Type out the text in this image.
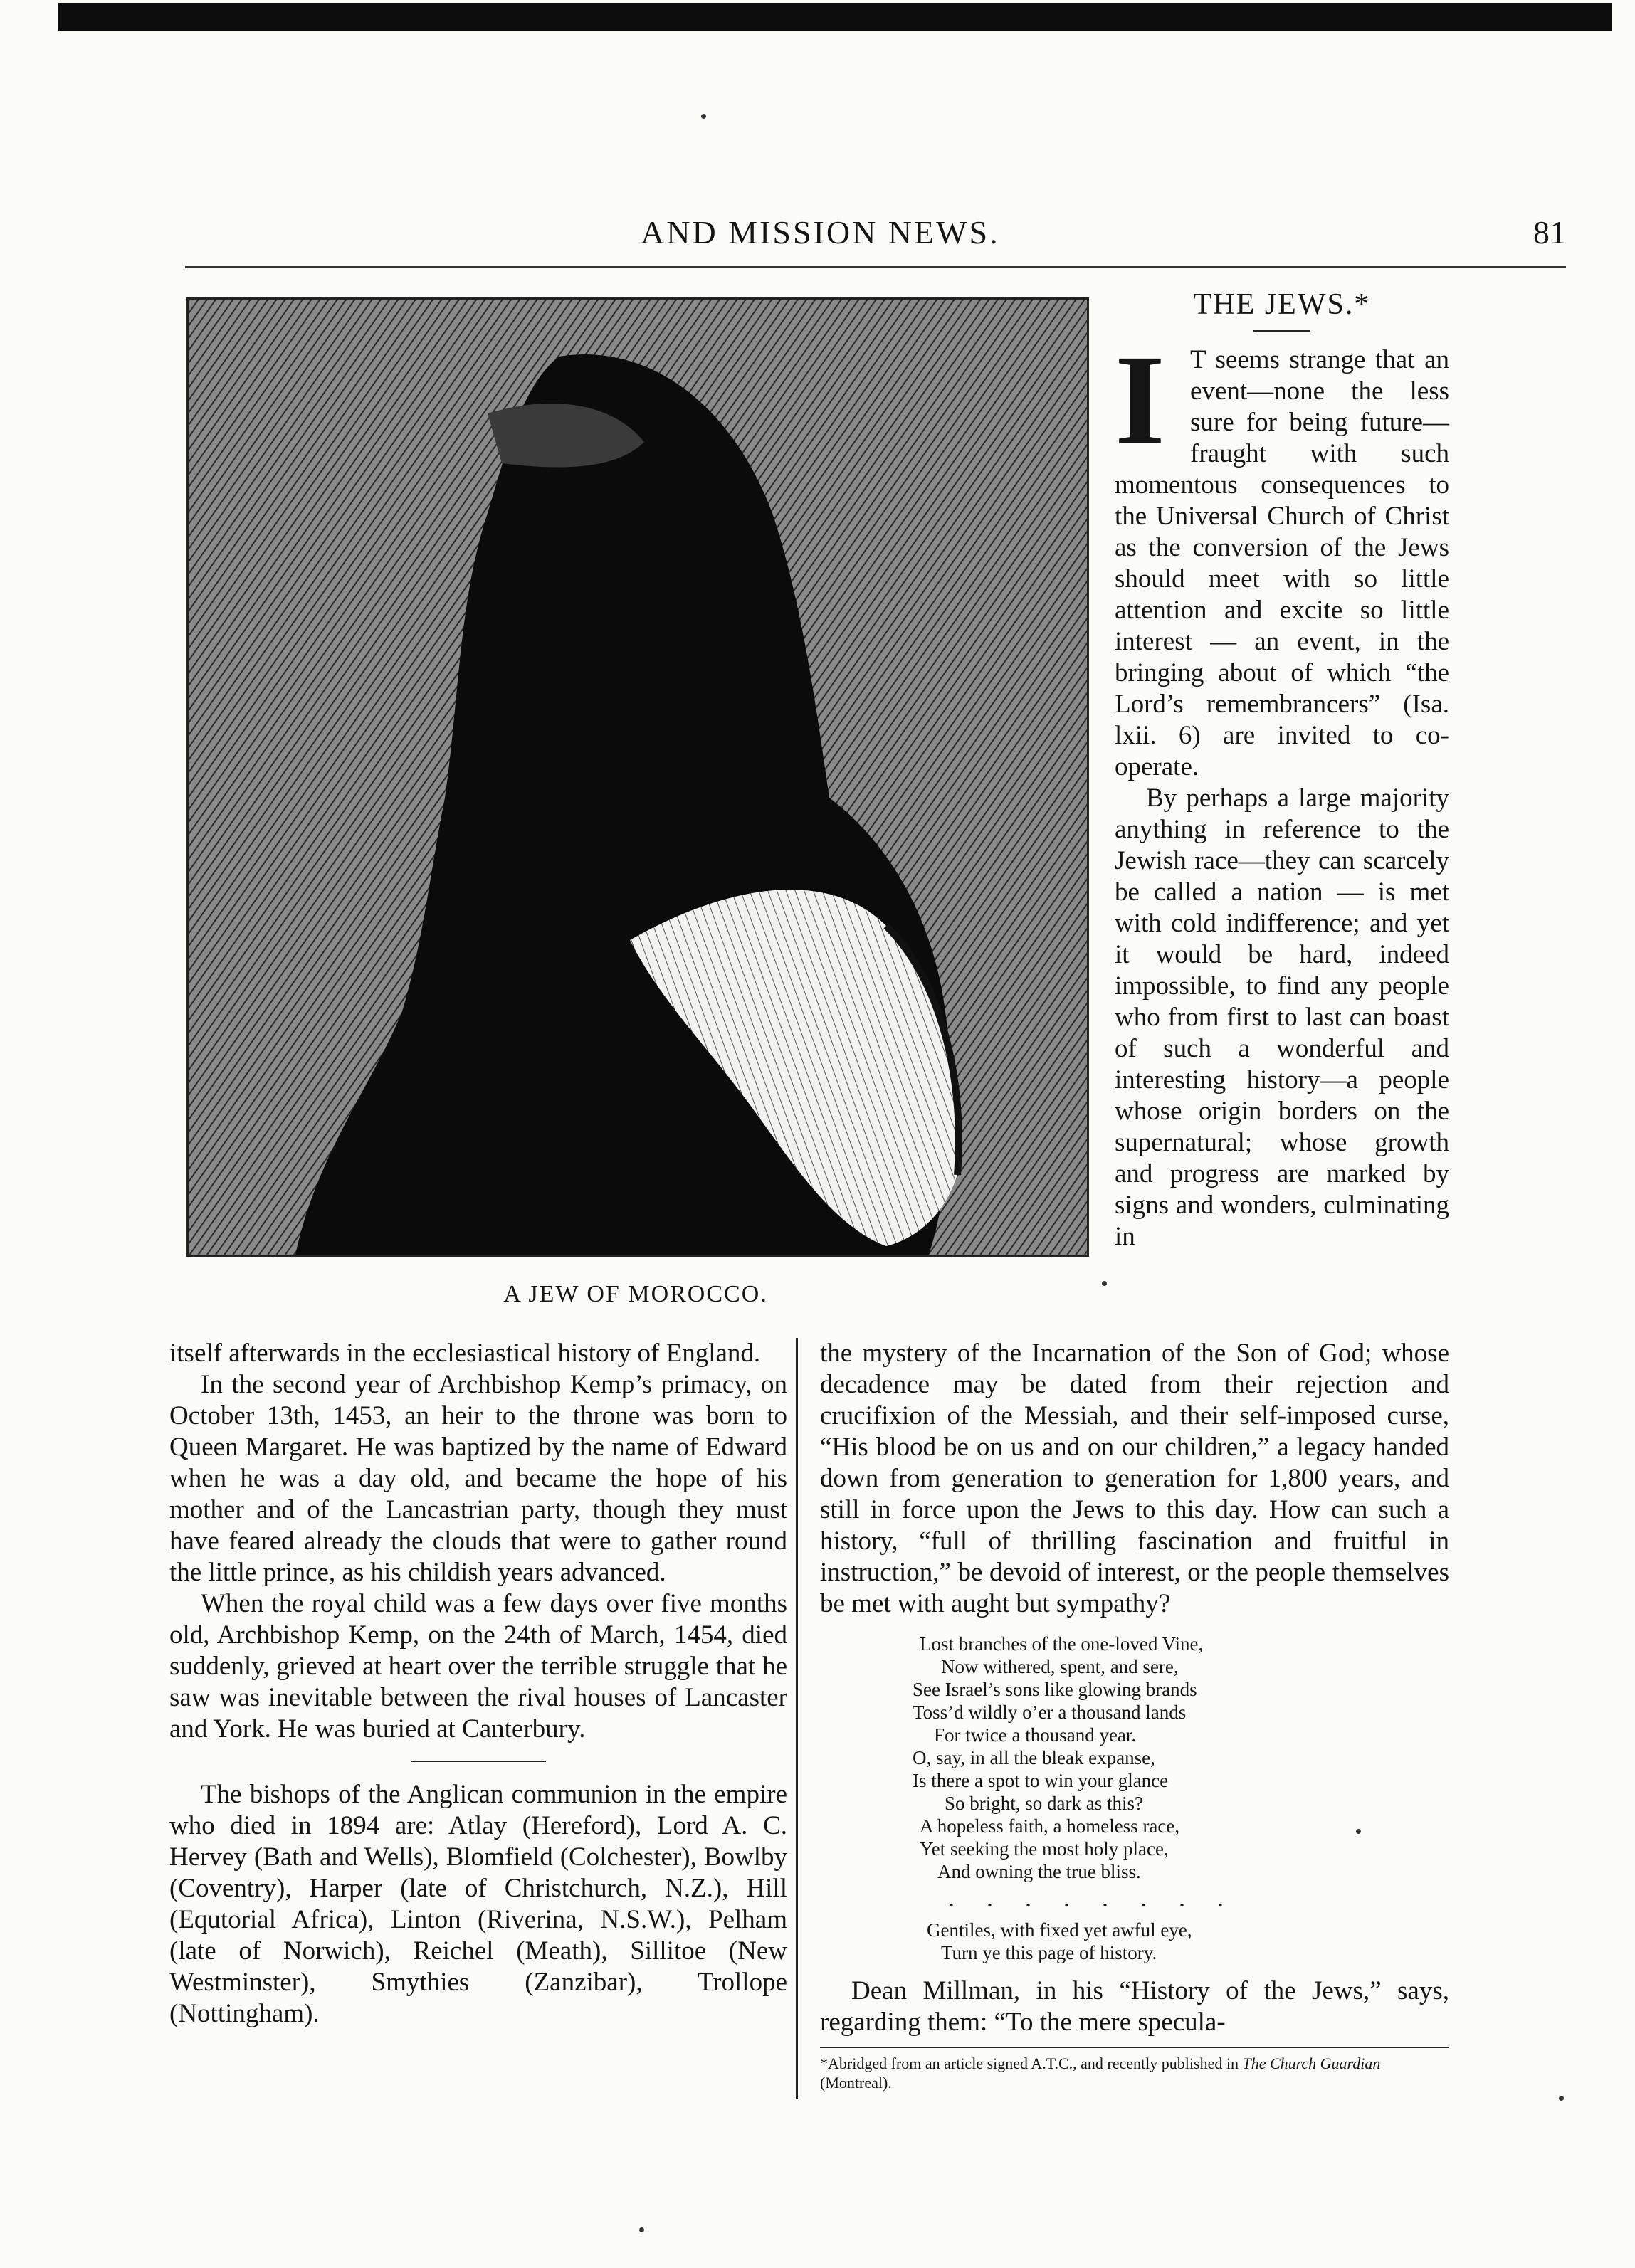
AND MISSION NEWS.	81
A JEW OF MOROCCO.
THE JEWS.*

I T seems strange that an event—none the less sure for being future—fraught with such momentous consequences to the Universal Church of Christ as the conversion of the Jews should meet with so little attention and excite so little interest — an event, in the bringing about of which “the Lord’s remembrancers” (Isa. lxii. 6) are invited to co-operate.

By perhaps a large majority anything in reference to the Jewish race—they can scarcely be called a nation — is met with cold indifference; and yet it would be hard, indeed impossible, to find any people who from first to last can boast of such a wonderful and interesting history—a people whose origin borders on the supernatural; whose growth and progress are marked by signs and wonders, culminating in

itself afterwards in the ecclesiastical history of England.

In the second year of Archbishop Kemp’s primacy, on October 13th, 1453, an heir to the throne was born to Queen Margaret. He was baptized by the name of Edward when he was a day old, and became the hope of his mother and of the Lancastrian party, though they must have feared already the clouds that were to gather round the little prince, as his childish years advanced.

When the royal child was a few days over five months old, Archbishop Kemp, on the 24th of March, 1454, died suddenly, grieved at heart over the terrible struggle that he saw was inevitable between the rival houses of Lancaster and York. He was buried at Canterbury.

The bishops of the Anglican communion in the empire who died in 1894 are: Atlay (Hereford), Lord A. C. Hervey (Bath and Wells), Blomfield (Colchester), Bowlby (Coventry), Harper (late of Christchurch, N.Z.), Hill (Equtorial Africa), Linton (Riverina, N.S.W.), Pelham (late of Norwich), Reichel (Meath), Sillitoe (New Westminster), Smythies (Zanzibar), Trollope (Nottingham).

the mystery of the Incarnation of the Son of God; whose decadence may be dated from their rejection and crucifixion of the Messiah, and their self-imposed curse, “His blood be on us and on our children,” a legacy handed down from generation to generation for 1,800 years, and still in force upon the Jews to this day. How can such a history, “full of thrilling fascination and fruitful in instruction,” be devoid of interest, or the people themselves be met with aught but sympathy?

Lost branches of the one-loved Vine,
Now withered, spent, and sere,
See Israel’s sons like glowing brands
Toss’d wildly o’er a thousand lands
For twice a thousand year.
O, say, in all the bleak expanse,
Is there a spot to win your glance
So bright, so dark as this?
A hopeless faith, a homeless race,
Yet seeking the most holy place,
And owning the true bliss.
. . . . . . . .
Gentiles, with fixed yet awful eye,
Turn ye this page of history.

Dean Millman, in his “History of the Jews,” says, regarding them: “To the mere specula-

*Abridged from an article signed A.T.C., and recently published in The Church Guardian (Montreal).
